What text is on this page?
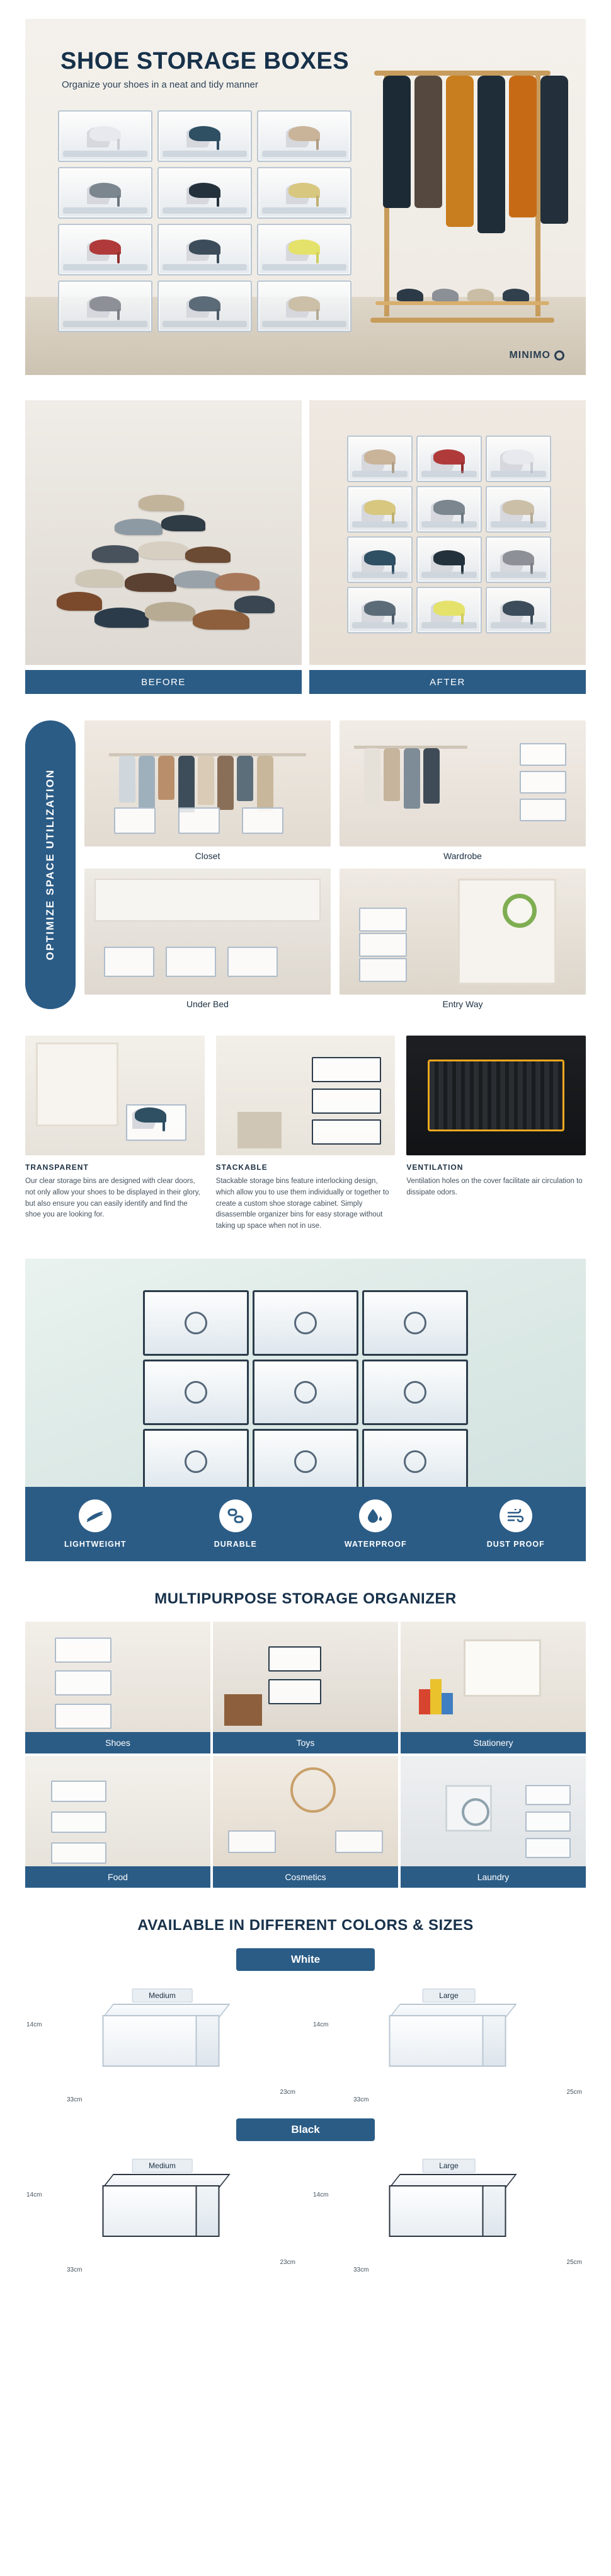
SHOE STORAGE BOXES
Organize your shoes in a neat and tidy manner
MINIMO
BEFORE	AFTER
OPTIMIZE SPACE UTILIZATION	Closet	Wardrobe
Under Bed	Entry Way
TRANSPARENT
Our clear storage bins are designed with clear doors, not only allow your shoes to be displayed in their glory, but also ensure you can easily identify and find the shoe you are looking for.
STACKABLE
Stackable storage bins feature interlocking design, which allow you to use them individually or together to create a custom shoe storage cabinet. Simply disassemble organizer bins for easy storage without taking up space when not in use.
VENTILATION
Ventilation holes on the cover facilitate air circulation to dissipate odors.
LIGHTWEIGHT	DURABLE	WATERPROOF	DUST PROOF
MULTIPURPOSE STORAGE ORGANIZER
Shoes	Toys	Stationery
Food	Cosmetics	Laundry
AVAILABLE IN DIFFERENT COLORS & SIZES
White
Medium
14cm
33cm
23cm
Large
14cm
33cm
25cm
Black
Medium
14cm
33cm
23cm
Large
14cm
33cm
25cm
